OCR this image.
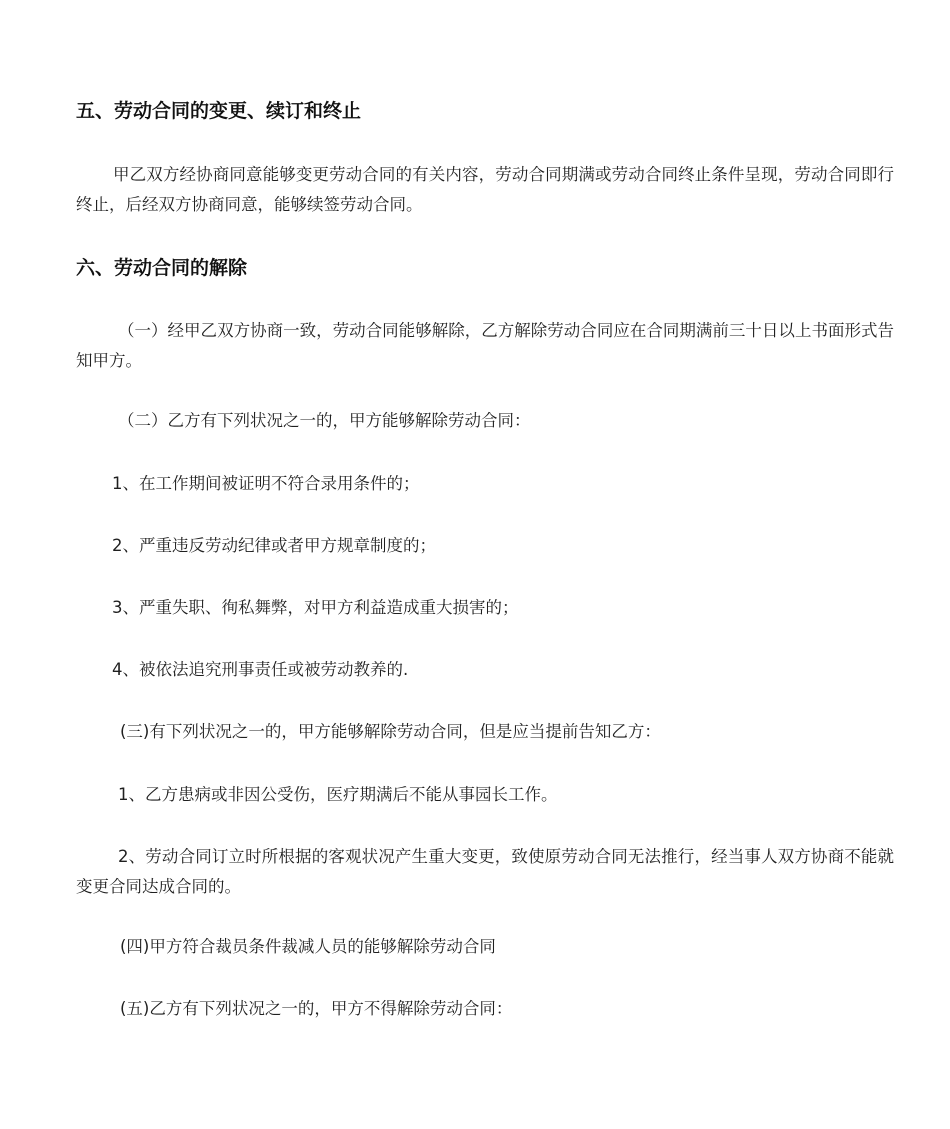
五、劳动合同的变更、续订和终止
甲乙双方经协商同意能够变更劳动合同的有关内容，劳动合同期满或劳动合同终止条件呈现，劳动合同即行终止，后经双方协商同意，能够续签劳动合同。
六、劳动合同的解除
（一）经甲乙双方协商一致，劳动合同能够解除，乙方解除劳动合同应在合同期满前三十日以上书面形式告知甲方。
（二）乙方有下列状况之一的，甲方能够解除劳动合同：
1、在工作期间被证明不符合录用条件的；
2、严重违反劳动纪律或者甲方规章制度的；
3、严重失职、徇私舞弊，对甲方利益造成重大损害的；
4、被依法追究刑事责任或被劳动教养的.
(三)有下列状况之一的，甲方能够解除劳动合同，但是应当提前告知乙方：
1、乙方患病或非因公受伤，医疗期满后不能从事园长工作。
2、劳动合同订立时所根据的客观状况产生重大变更，致使原劳动合同无法推行，经当事人双方协商不能就变更合同达成合同的。
(四)甲方符合裁员条件裁减人员的能够解除劳动合同
(五)乙方有下列状况之一的，甲方不得解除劳动合同：
